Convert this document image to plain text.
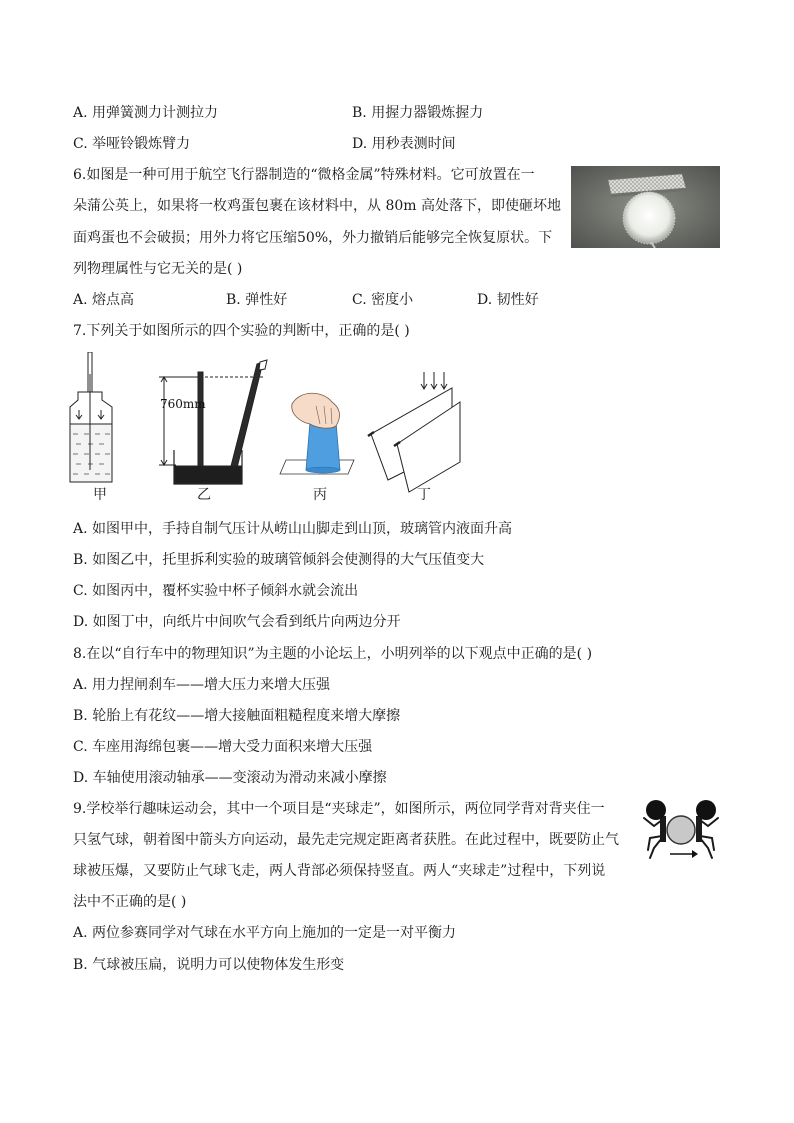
A. 用弹簧测力计测拉力	B. 用握力器锻炼握力
C. 举哑铃锻炼臂力	D. 用秒表测时间
6.如图是一种可用于航空飞行器制造的“微格金属”特殊材料。它可放置在一
朵蒲公英上，如果将一枚鸡蛋包裹在该材料中，从 80m 高处落下，即使砸坏地
面鸡蛋也不会破损；用外力将它压缩50%，外力撤销后能够完全恢复原状。下
列物理属性与它无关的是( )
A. 熔点高	B. 弹性好	C. 密度小	D. 韧性好
7.下列关于如图所示的四个实验的判断中，正确的是( )
760mm
甲	乙	丙	丁
A. 如图甲中，手持自制气压计从崂山山脚走到山顶，玻璃管内液面升高
B. 如图乙中，托里拆利实验的玻璃管倾斜会使测得的大气压值变大
C. 如图丙中，覆杯实验中杯子倾斜水就会流出
D. 如图丁中，向纸片中间吹气会看到纸片向两边分开
8.在以“自行车中的物理知识”为主题的小论坛上，小明列举的以下观点中正确的是( )
A. 用力捏闸刹车——增大压力来增大压强
B. 轮胎上有花纹——增大接触面粗糙程度来增大摩擦
C. 车座用海绵包裹——增大受力面积来增大压强
D. 车轴使用滚动轴承——变滚动为滑动来减小摩擦
9.学校举行趣味运动会，其中一个项目是“夹球走”，如图所示，两位同学背对背夹住一
只氢气球，朝着图中箭头方向运动，最先走完规定距离者获胜。在此过程中，既要防止气
球被压爆，又要防止气球飞走，两人背部必须保持竖直。两人“夹球走”过程中，下列说
法中不正确的是( )
A. 两位参赛同学对气球在水平方向上施加的一定是一对平衡力
B. 气球被压扁，说明力可以使物体发生形变
